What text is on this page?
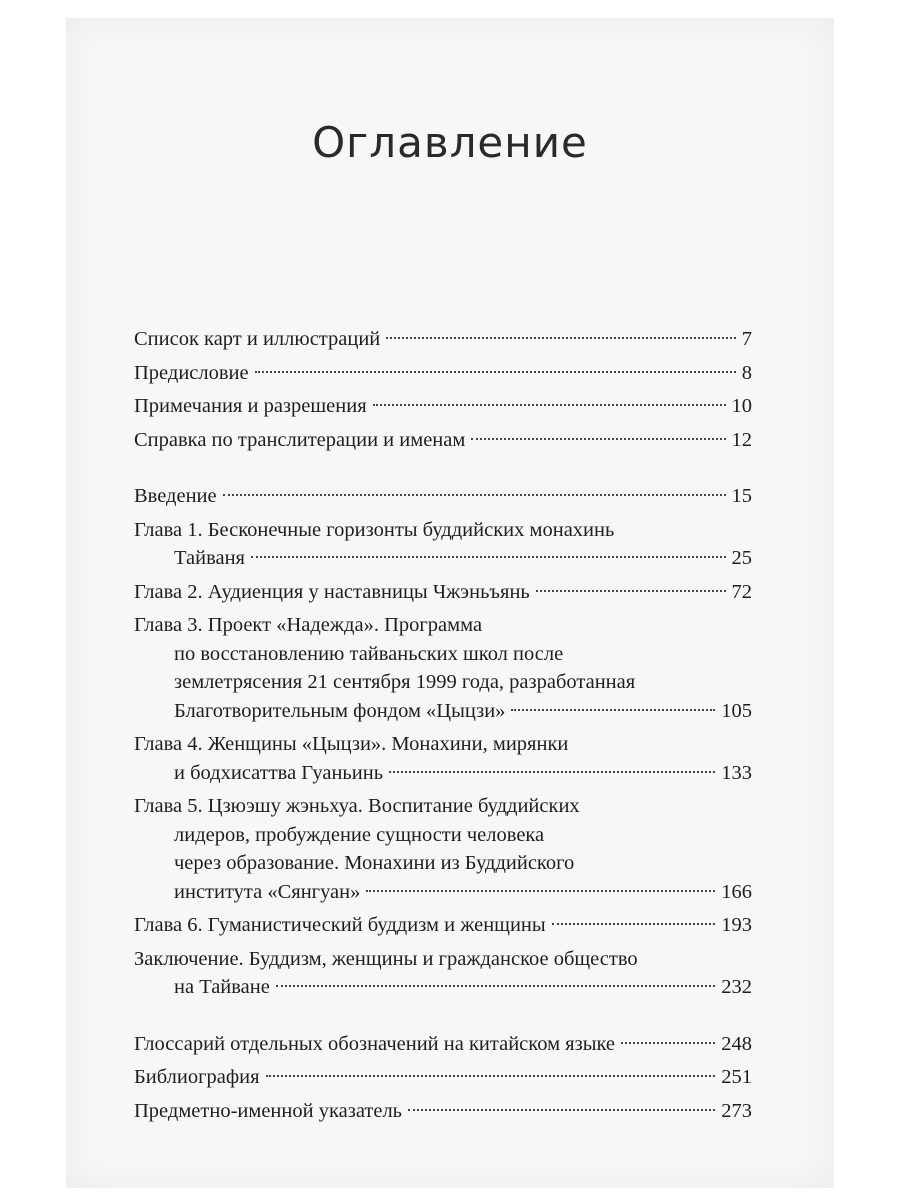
Оглавление
Список карт и иллюстраций	7
Предисловие	8
Примечания и разрешения	10
Справка по транслитерации и именам	12
Введение	15
Глава 1. Бесконечные горизонты буддийских монахинь
Тайваня	25
Глава 2. Аудиенция у наставницы Чжэньъянь	72
Глава 3. Проект «Надежда». Программа
по восстановлению тайваньских школ после
землетрясения 21 сентября 1999 года, разработанная
Благотворительным фондом «Цыцзи»	105
Глава 4. Женщины «Цыцзи». Монахини, мирянки
и бодхисаттва Гуаньинь	133
Глава 5. Цзюэшу жэньхуа. Воспитание буддийских
лидеров, пробуждение сущности человека
через образование. Монахини из Буддийского
института «Сянгуан»	166
Глава 6. Гуманистический буддизм и женщины	193
Заключение. Буддизм, женщины и гражданское общество
на Тайване	232
Глоссарий отдельных обозначений на китайском языке	248
Библиография	251
Предметно-именной указатель	273
